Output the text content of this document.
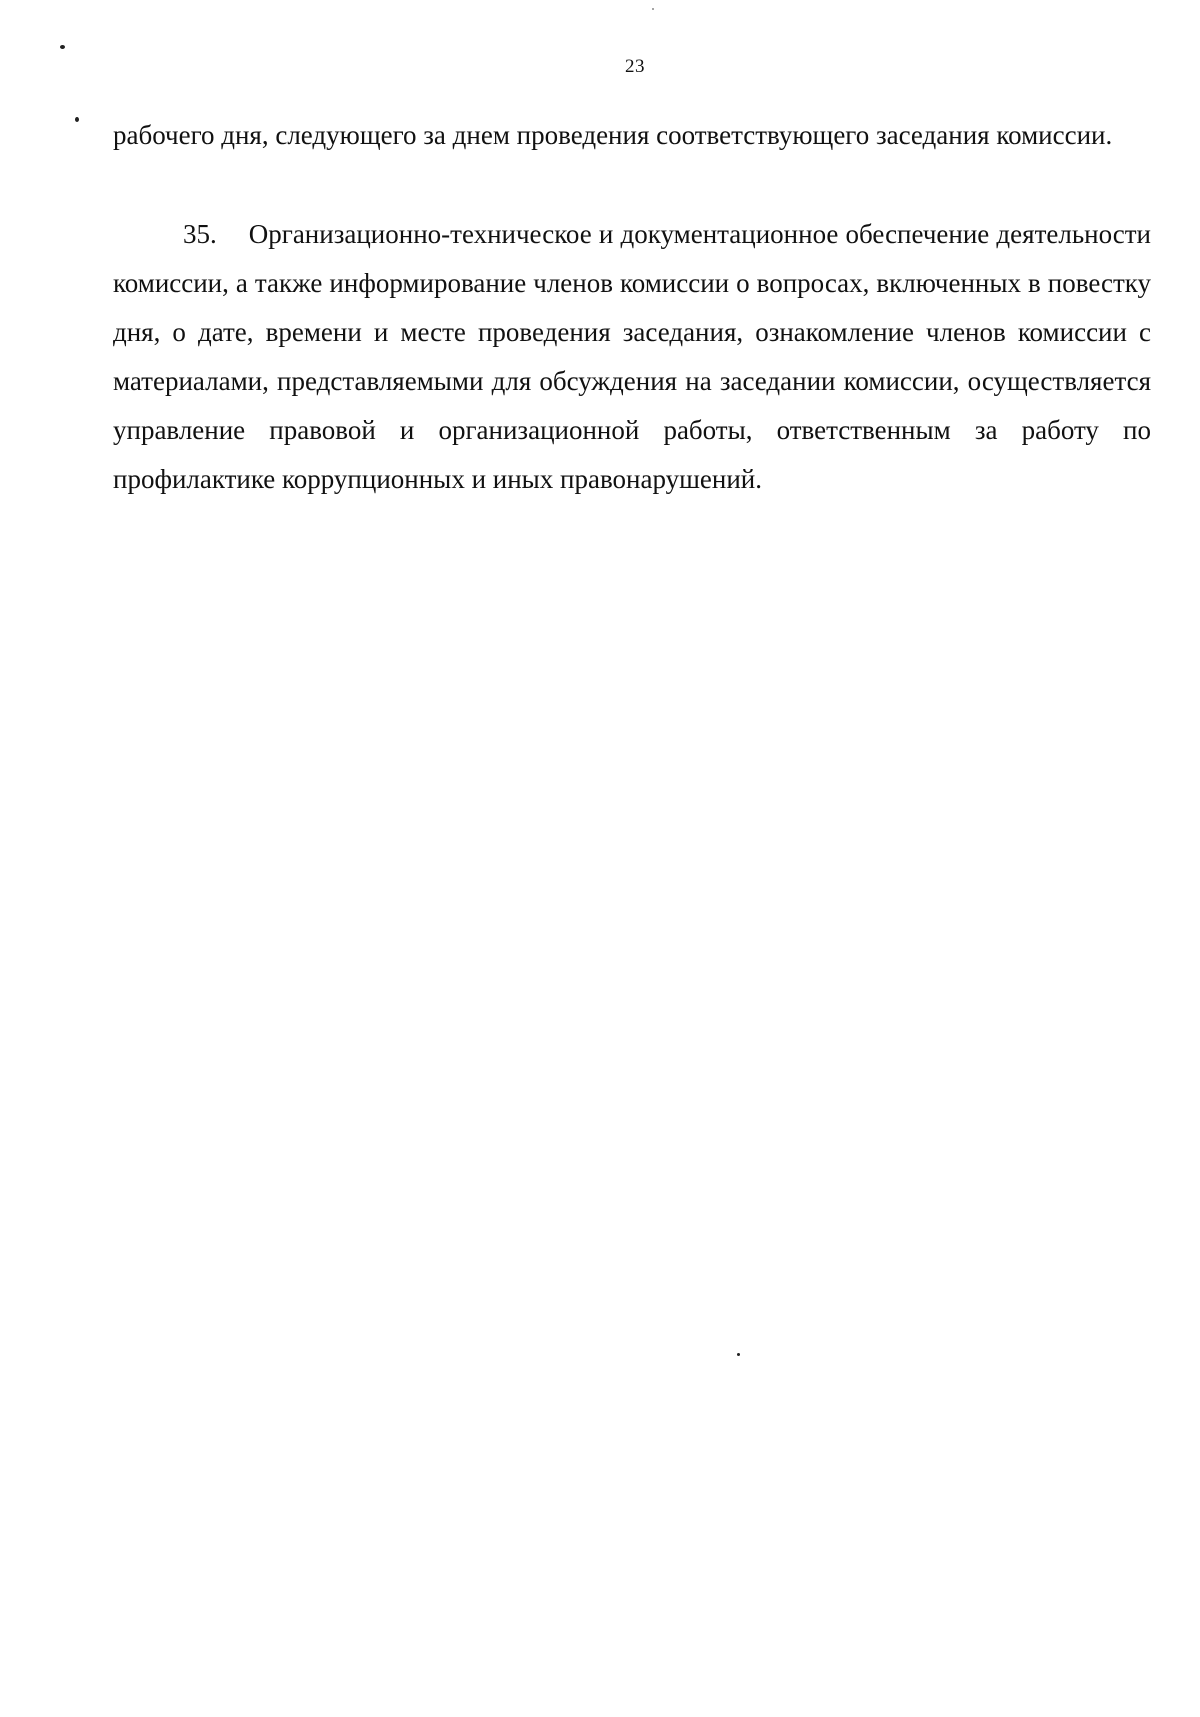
23
рабочего дня, следующего за днем проведения соответствующего заседания комиссии.
35. Организационно-техническое и документационное обеспечение деятельности комиссии, а также информирование членов комиссии о вопросах, включенных в повестку дня, о дате, времени и месте проведения заседания, ознакомление членов комиссии с материалами, представляемыми для обсуждения на заседании комиссии, осуществляется управление правовой и организационной работы, ответственным за работу по профилактике коррупционных и иных правонарушений.
